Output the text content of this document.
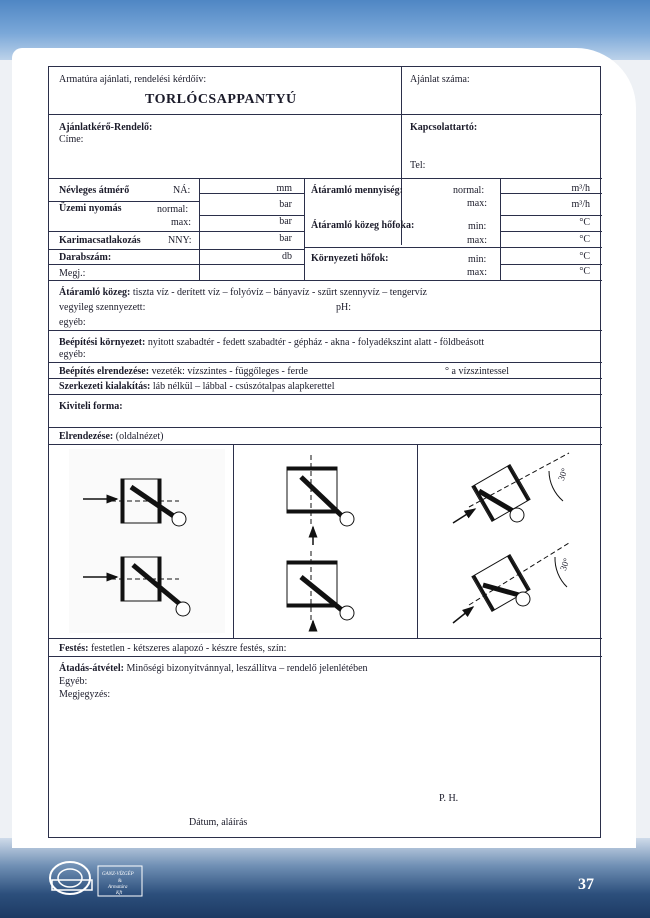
Armatúra ajánlati, rendelési kérdőív:
TORLÓCSAPPANTYÚ
Ajánlat száma:
Ajánlatkérő-Rendelő:
Címe:
Kapcsolattartó:
Tel:
Névleges átmérő	NÁ:	mm
Üzemi nyomás	normal:	bar
max:	bar
Karimacsatlakozás	NNY:	bar
Darabszám:	db
Megj.:
Átáramló mennyiség:	normal:	m³/h
max:	m³/h
Átáramló közeg hőfoka:	min:	°C
max:	°C
Környezeti hőfok:	min:	°C
max:	°C
Átáramló közeg: tiszta víz - derített víz – folyóvíz – bányavíz - szűrt szennyvíz – tengervíz
vegyileg szennyezett:	pH:
egyéb:
Beépítési környezet: nyitott szabadtér - fedett szabadtér - gépház - akna - folyadékszint alatt - földbeásott
egyéb:
Beépítés elrendezése: vezeték: vízszintes - függőleges - ferde	° a vízszintessel
Szerkezeti kialakítás: láb nélkül – lábbal - csúszótalpas alapkerettel
Kiviteli forma:
Elrendezése: (oldalnézet)
30°
30°
Festés: festetlen - kétszeres alapozó - készre festés, szín:
Átadás-átvétel: Minőségi bizonyítvánnyal, leszállítva – rendelő jelenlétében
Egyéb:
Megjegyzés:
P. H.
Dátum, aláírás
GANZ-VÍZGÉP
&
Armatúra
Kft
37
